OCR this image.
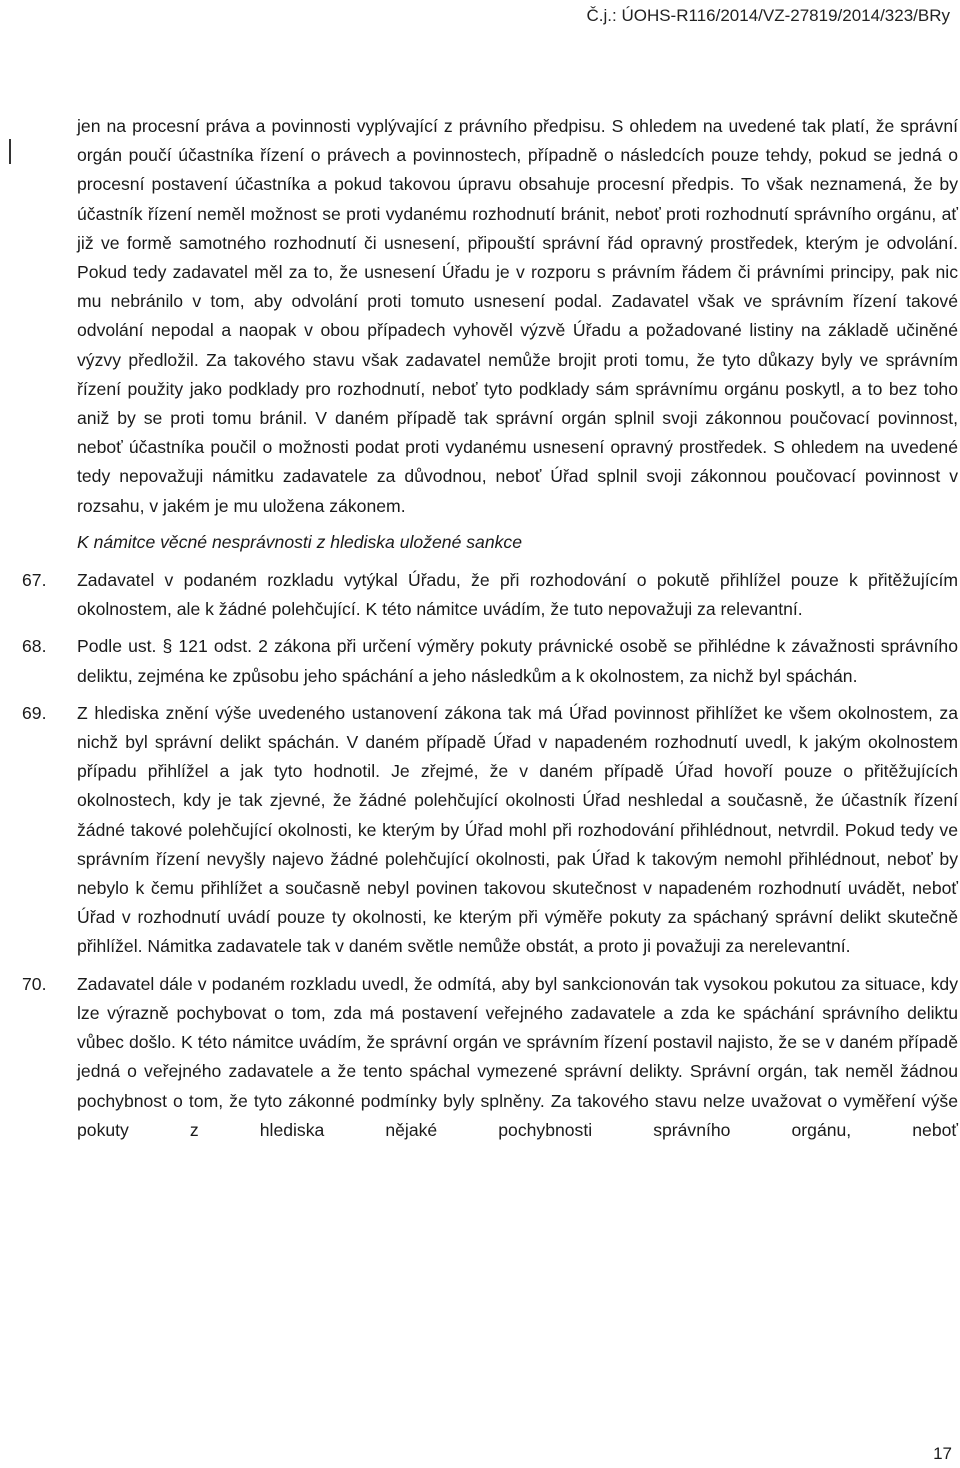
Č.j.: ÚOHS-R116/2014/VZ-27819/2014/323/BRy

jen na procesní práva a povinnosti vyplývající z právního předpisu. S ohledem na uvedené tak platí, že správní orgán poučí účastníka řízení o právech a povinnostech, případně o následcích pouze tehdy, pokud se jedná o procesní postavení účastníka a pokud takovou úpravu obsahuje procesní předpis. To však neznamená, že by účastník řízení neměl možnost se proti vydanému rozhodnutí bránit, neboť proti rozhodnutí správního orgánu, ať již ve formě samotného rozhodnutí či usnesení, připouští správní řád opravný prostředek, kterým je odvolání. Pokud tedy zadavatel měl za to, že usnesení Úřadu je v rozporu s právním řádem či právními principy, pak nic mu nebránilo v tom, aby odvolání proti tomuto usnesení podal. Zadavatel však ve správním řízení takové odvolání nepodal a naopak v obou případech vyhověl výzvě Úřadu a požadované listiny na základě učiněné výzvy předložil. Za takového stavu však zadavatel nemůže brojit proti tomu, že tyto důkazy byly ve správním řízení použity jako podklady pro rozhodnutí, neboť tyto podklady sám správnímu orgánu poskytl, a to bez toho aniž by se proti tomu bránil. V daném případě tak správní orgán splnil svoji zákonnou poučovací povinnost, neboť účastníka poučil o možnosti podat proti vydanému usnesení opravný prostředek. S ohledem na uvedené tedy nepovažuji námitku zadavatele za důvodnou, neboť Úřad splnil svoji zákonnou poučovací povinnost v rozsahu, v jakém je mu uložena zákonem.

K námitce věcné nesprávnosti z hlediska uložené sankce

67. Zadavatel v podaném rozkladu vytýkal Úřadu, že při rozhodování o pokutě přihlížel pouze k přitěžujícím okolnostem, ale k žádné polehčující. K této námitce uvádím, že tuto nepovažuji za relevantní.
68. Podle ust. § 121 odst. 2 zákona při určení výměry pokuty právnické osobě se přihlédne k závažnosti správního deliktu, zejména ke způsobu jeho spáchání a jeho následkům a k okolnostem, za nichž byl spáchán.
69. Z hlediska znění výše uvedeného ustanovení zákona tak má Úřad povinnost přihlížet ke všem okolnostem, za nichž byl správní delikt spáchán. V daném případě Úřad v napadeném rozhodnutí uvedl, k jakým okolnostem případu přihlížel a jak tyto hodnotil. Je zřejmé, že v daném případě Úřad hovoří pouze o přitěžujících okolnostech, kdy je tak zjevné, že žádné polehčující okolnosti Úřad neshledal a současně, že účastník řízení žádné takové polehčující okolnosti, ke kterým by Úřad mohl při rozhodování přihlédnout, netvrdil. Pokud tedy ve správním řízení nevyšly najevo žádné polehčující okolnosti, pak Úřad k takovým nemohl přihlédnout, neboť by nebylo k čemu přihlížet a současně nebyl povinen takovou skutečnost v napadeném rozhodnutí uvádět, neboť Úřad v rozhodnutí uvádí pouze ty okolnosti, ke kterým při výměře pokuty za spáchaný správní delikt skutečně přihlížel. Námitka zadavatele tak v daném světle nemůže obstát, a proto ji považuji za nerelevantní.
70. Zadavatel dále v podaném rozkladu uvedl, že odmítá, aby byl sankcionován tak vysokou pokutou za situace, kdy lze výrazně pochybovat o tom, zda má postavení veřejného zadavatele a zda ke spáchání správního deliktu vůbec došlo. K této námitce uvádím, že správní orgán ve správním řízení postavil najisto, že se v daném případě jedná o veřejného zadavatele a že tento spáchal vymezené správní delikty. Správní orgán, tak neměl žádnou pochybnost o tom, že tyto zákonné podmínky byly splněny. Za takového stavu nelze uvažovat o vyměření výše pokuty z hlediska nějaké pochybnosti správního orgánu, neboť
17
